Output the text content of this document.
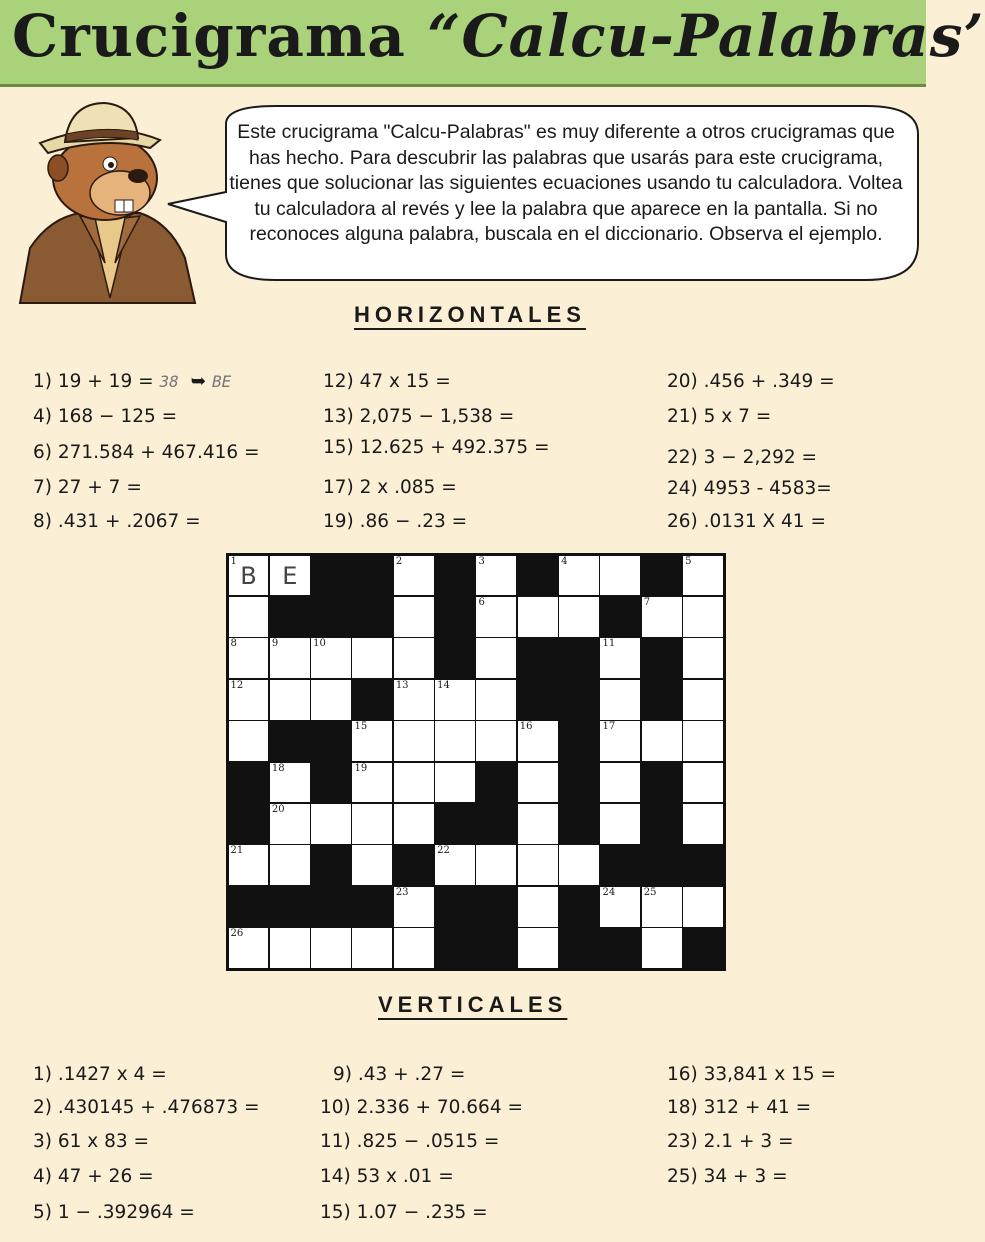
Crucigrama “Calcu-Palabras’
Este crucigrama "Calcu-Palabras" es muy diferente a otros crucigramas que has hecho. Para descubrir las palabras que usarás para este crucigrama, tienes que solucionar las siguientes ecuaciones usando tu calculadora. Voltea tu calculadora al revés y lee la palabra que aparece en la pantalla. Si no reconoces alguna palabra, buscala en el diccionario. Observa el ejemplo.
HORIZONTALES
1) 19 + 19 = 38 ➥ BE
4) 168 − 125 =
6) 271.584 + 467.416 =
7) 27 + 7 =
8) .431 + .2067 =
12) 47 x 15 =
13) 2,075 − 1,538 =
15) 12.625 + 492.375 =
17) 2 x .085 =
19) .86 − .23 =
20) .456 + .349 =
21) 5 x 7 =
22) 3 − 2,292 =
24) 4953 - 4583=
26) .0131 X 41 =
1
B	E
2	3	4	5
6	7
8	9	10	11
12	13	14
15	16	17
18	19
20
21	22
23	24	25
26
VERTICALES
1) .1427 x 4 =
2) .430145 + .476873 =
3) 61 x 83 =
4) 47 + 26 =
5) 1 − .392964 =
9) .43 + .27 =
10) 2.336 + 70.664 =
11) .825 − .0515 =
14) 53 x .01 =
15) 1.07 − .235 =
16) 33,841 x 15 =
18) 312 + 41 =
23) 2.1 + 3 =
25) 34 + 3 =
